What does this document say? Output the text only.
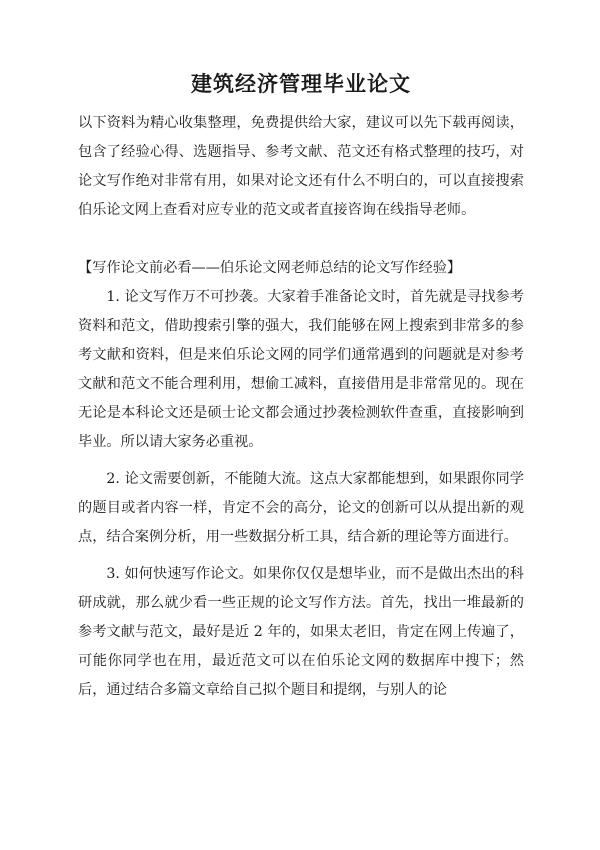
建筑经济管理毕业论文

以下资料为精心收集整理，免费提供给大家，建议可以先下载再阅读，包含了经验心得、选题指导、参考文献、范文还有格式整理的技巧，对论文写作绝对非常有用，如果对论文还有什么不明白的，可以直接搜索伯乐论文网上查看对应专业的范文或者直接咨询在线指导老师。

【写作论文前必看——伯乐论文网老师总结的论文写作经验】

1. 论文写作万不可抄袭。大家着手准备论文时，首先就是寻找参考资料和范文，借助搜索引擎的强大，我们能够在网上搜索到非常多的参考文献和资料，但是来伯乐论文网的同学们通常遇到的问题就是对参考文献和范文不能合理利用，想偷工减料，直接借用是非常常见的。现在无论是本科论文还是硕士论文都会通过抄袭检测软件查重，直接影响到毕业。所以请大家务必重视。

2. 论文需要创新，不能随大流。这点大家都能想到，如果跟你同学的题目或者内容一样，肯定不会的高分，论文的创新可以从提出新的观点，结合案例分析，用一些数据分析工具，结合新的理论等方面进行。

3. 如何快速写作论文。如果你仅仅是想毕业，而不是做出杰出的科研成就，那么就少看一些正规的论文写作方法。首先，找出一堆最新的参考文献与范文，最好是近 2 年的，如果太老旧，肯定在网上传遍了，可能你同学也在用，最近范文可以在伯乐论文网的数据库中搜下；然后，通过结合多篇文章给自己拟个题目和提纲，与别人的论
